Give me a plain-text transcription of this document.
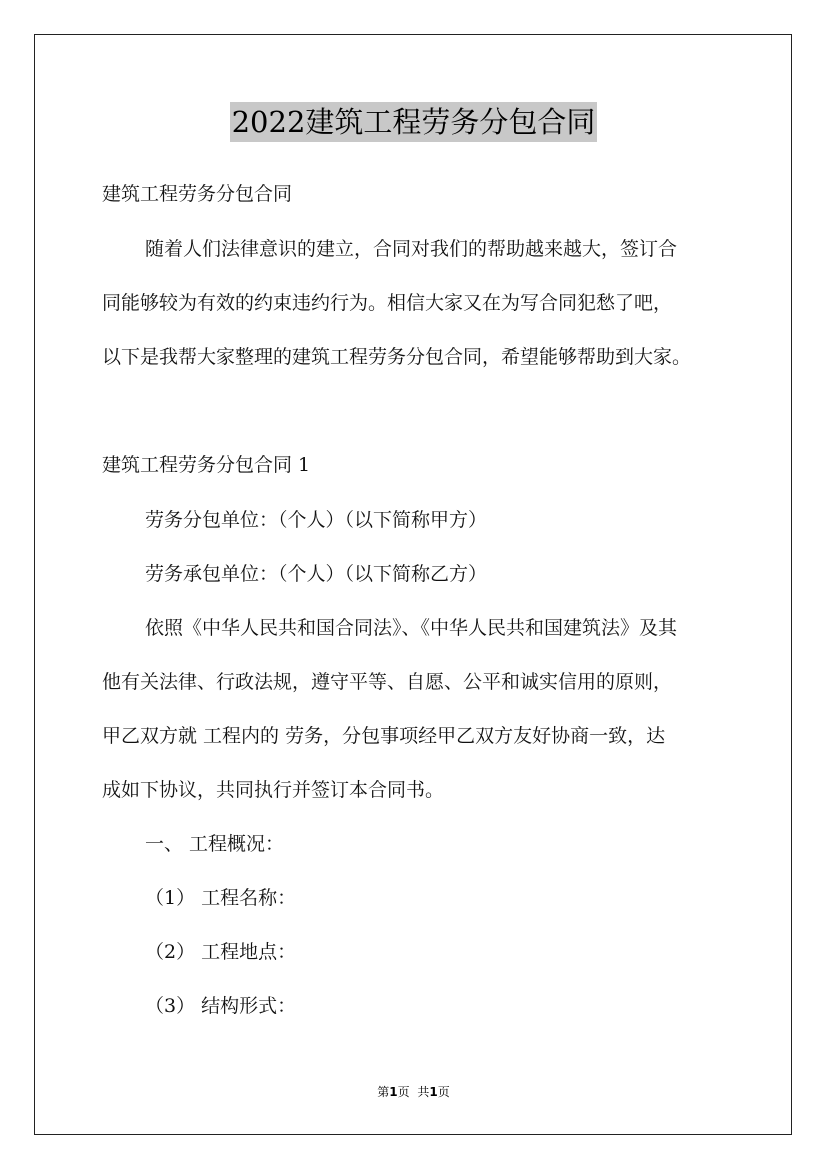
2022建筑工程劳务分包合同
建筑工程劳务分包合同
随着人们法律意识的建立，合同对我们的帮助越来越大，签订合
同能够较为有效的约束违约行为。相信大家又在为写合同犯愁了吧，
以下是我帮大家整理的建筑工程劳务分包合同，希望能够帮助到大家。
建筑工程劳务分包合同 1
劳务分包单位：（个人）（以下简称甲方）
劳务承包单位：（个人）（以下简称乙方）
依照《中华人民共和国合同法》、《中华人民共和国建筑法》及其
他有关法律、行政法规，遵守平等、自愿、公平和诚实信用的原则，
甲乙双方就 工程内的 劳务，分包事项经甲乙双方友好协商一致，达
成如下协议，共同执行并签订本合同书。
一、 工程概况：
（1） 工程名称：
（2） 工程地点：
（3） 结构形式：
第1页 共1页
